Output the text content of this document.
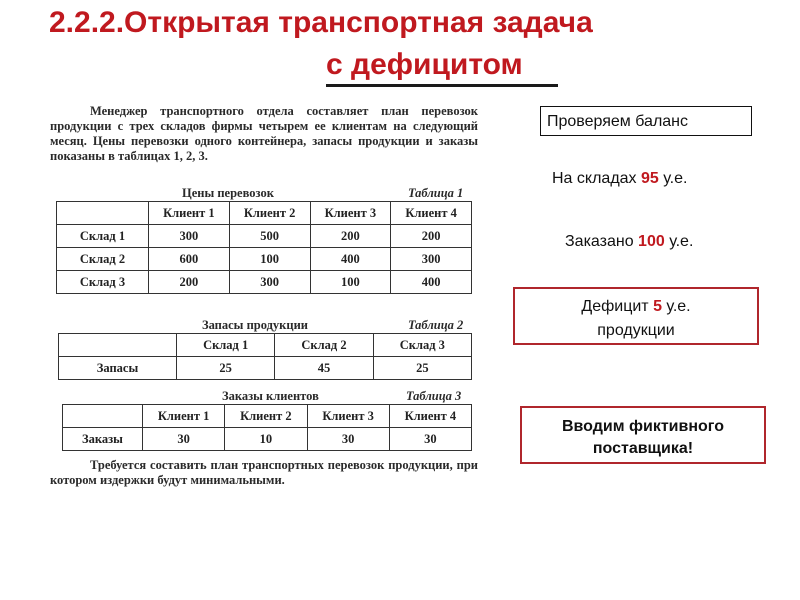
2.2.2.Открытая транспортная задача
с дефицитом
Менеджер транспортного отдела составляет план перевозок продукции с трех складов фирмы четырем ее клиентам на следующий месяц. Цены перевозки одного контейнера, запасы продукции и заказы показаны в таблицах 1, 2, 3.
Цены перевозок	Таблица 1
	Клиент 1	Клиент 2	Клиент 3	Клиент 4
Склад 1	300	500	200	200
Склад 2	600	100	400	300
Склад 3	200	300	100	400
Запасы продукции	Таблица 2
	Склад 1	Склад 2	Склад 3
Запасы	25	45	25
Заказы клиентов	Таблица 3
	Клиент 1	Клиент 2	Клиент 3	Клиент 4
Заказы	30	10	30	30
Требуется составить план транспортных перевозок продукции, при котором издержки будут минимальными.
Проверяем баланс
На складах 95 у.е.
Заказано 100 у.е.
Дефицит 5 у.е.
продукции
Вводим фиктивного поставщика!
